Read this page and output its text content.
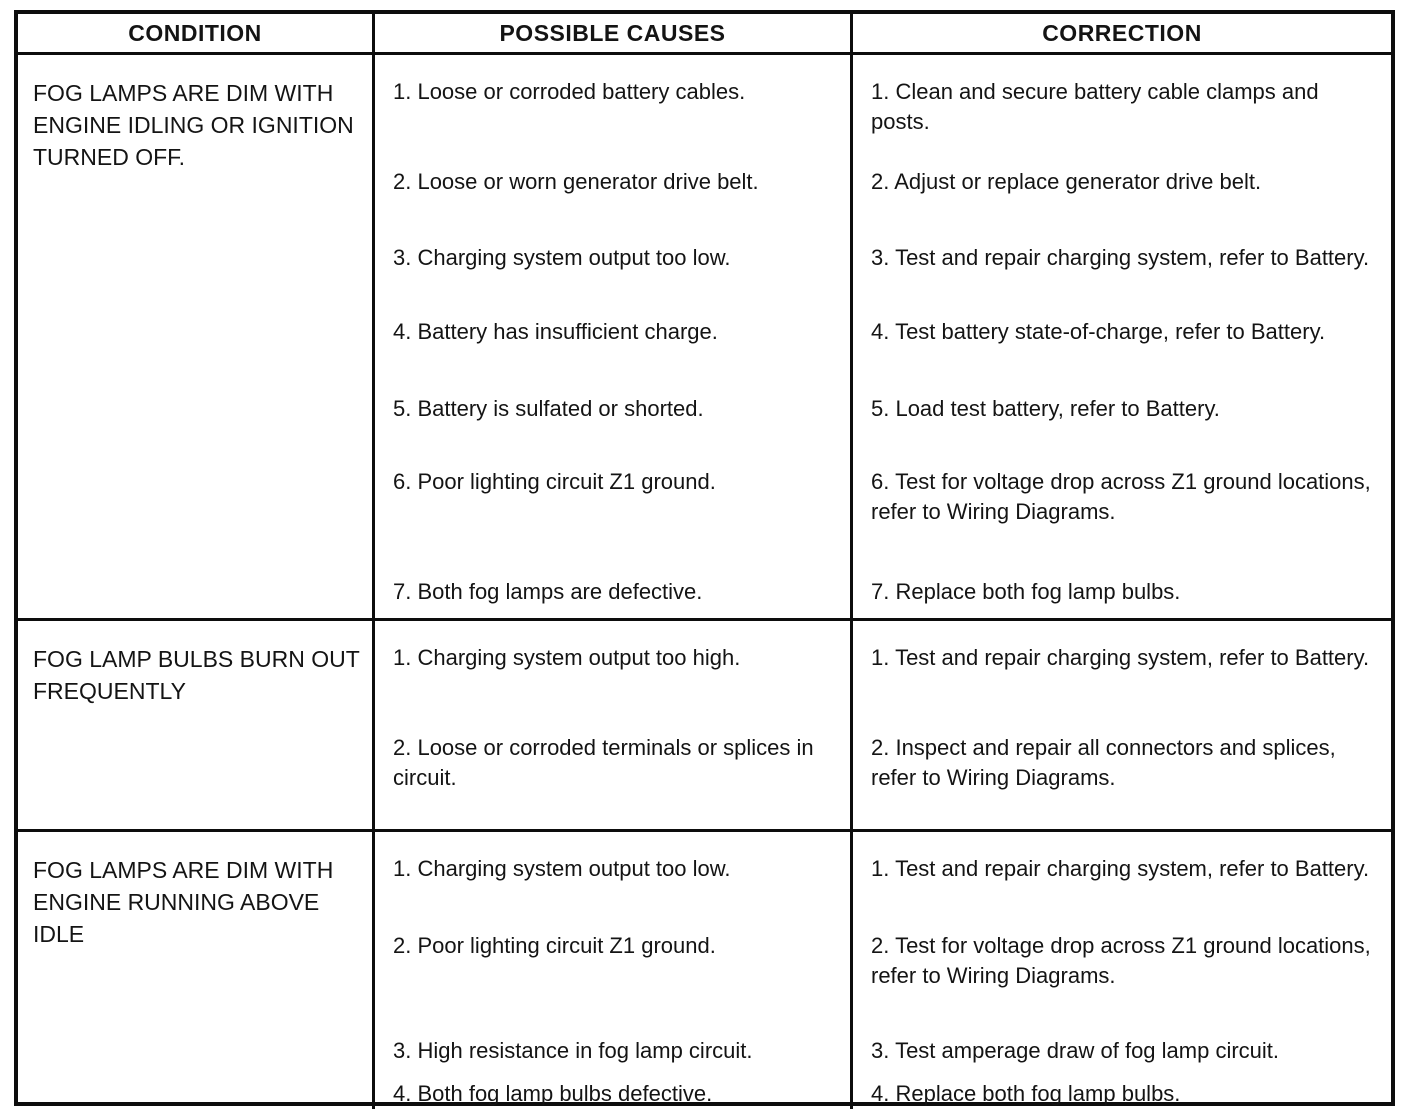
CONDITION	POSSIBLE CAUSES	CORRECTION
FOG LAMPS ARE DIM WITH ENGINE IDLING OR IGNITION TURNED OFF.

1. Loose or corroded battery cables.

2. Loose or worn generator drive belt.

3. Charging system output too low.

4. Battery has insufficient charge.

5. Battery is sulfated or shorted.

6. Poor lighting circuit Z1 ground.

7. Both fog lamps are defective.

1. Clean and secure battery cable clamps and posts.

2. Adjust or replace generator drive belt.

3. Test and repair charging system, refer to Battery.

4. Test battery state-of-charge, refer to Battery.

5. Load test battery, refer to Battery.

6. Test for voltage drop across Z1 ground locations, refer to Wiring Diagrams.

7. Replace both fog lamp bulbs.

FOG LAMP BULBS BURN OUT FREQUENTLY

1. Charging system output too high.

2. Loose or corroded terminals or splices in circuit.

1. Test and repair charging system, refer to Battery.

2. Inspect and repair all connectors and splices, refer to Wiring Diagrams.

FOG LAMPS ARE DIM WITH ENGINE RUNNING ABOVE IDLE

1. Charging system output too low.

2. Poor lighting circuit Z1 ground.

3. High resistance in fog lamp circuit.

4. Both fog lamp bulbs defective.

1. Test and repair charging system, refer to Battery.

2. Test for voltage drop across Z1 ground locations, refer to Wiring Diagrams.

3. Test amperage draw of fog lamp circuit.

4. Replace both fog lamp bulbs.
